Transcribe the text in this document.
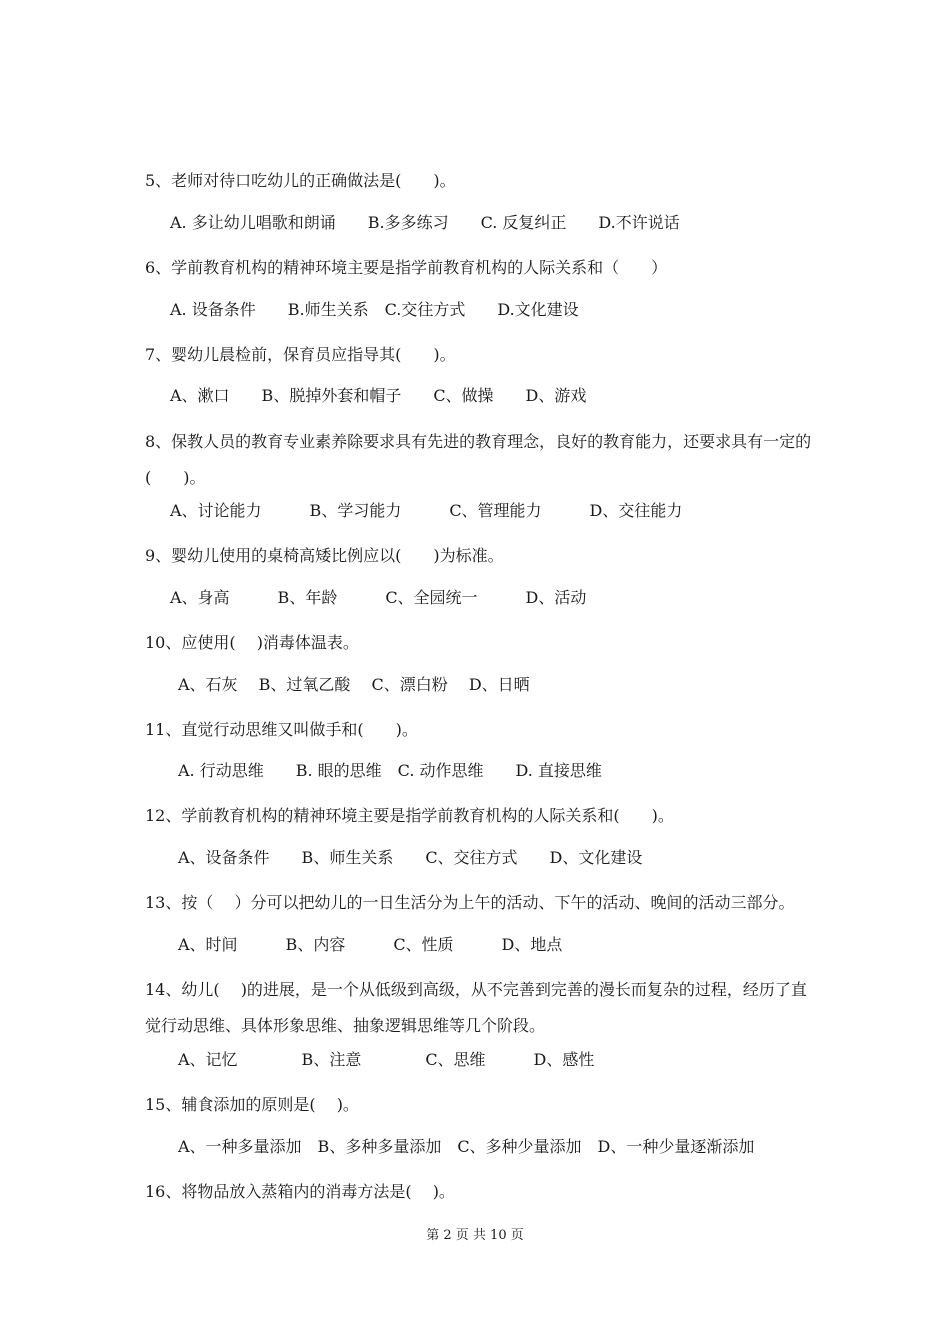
5、老师对待口吃幼儿的正确做法是(　　)。
A. 多让幼儿唱歌和朗诵　　B.多多练习　　C. 反复纠正　　D.不许说话
6、学前教育机构的精神环境主要是指学前教育机构的人际关系和（　　）
A. 设备条件　　B.师生关系　C.交往方式　　D.文化建设
7、婴幼儿晨检前，保育员应指导其(　　)。
A、漱口　　B、脱掉外套和帽子　　C、做操　　D、游戏
8、保教人员的教育专业素养除要求具有先进的教育理念，良好的教育能力，还要求具有一定的(　　)。
A、讨论能力　　　B、学习能力　　　C、管理能力　　　D、交往能力
9、婴幼儿使用的桌椅高矮比例应以(　　)为标准。
A、身高　　　B、年龄　　　C、全园统一　　　D、活动
10、应使用(　 )消毒体温表。
A、石灰　 B、过氧乙酸　 C、漂白粉　 D、日晒
11、直觉行动思维又叫做手和(　　)。
A. 行动思维　　B. 眼的思维　C. 动作思维　　D. 直接思维
12、学前教育机构的精神环境主要是指学前教育机构的人际关系和(　　)。
A、设备条件　　B、师生关系　　C、交往方式　　D、文化建设
13、按（　 ）分可以把幼儿的一日生活分为上午的活动、下午的活动、晚间的活动三部分。
A、时间　　　B、内容　　　C、性质　　　D、地点
14、幼儿(　 )的进展，是一个从低级到高级，从不完善到完善的漫长而复杂的过程，经历了直觉行动思维、具体形象思维、抽象逻辑思维等几个阶段。
A、记忆　　　　B、注意　　　　C、思维　　　D、感性
15、辅食添加的原则是(　 )。
A、一种多量添加　B、多种多量添加　C、多种少量添加　D、一种少量逐渐添加
16、将物品放入蒸箱内的消毒方法是(　 )。
第 2 页 共 10 页
